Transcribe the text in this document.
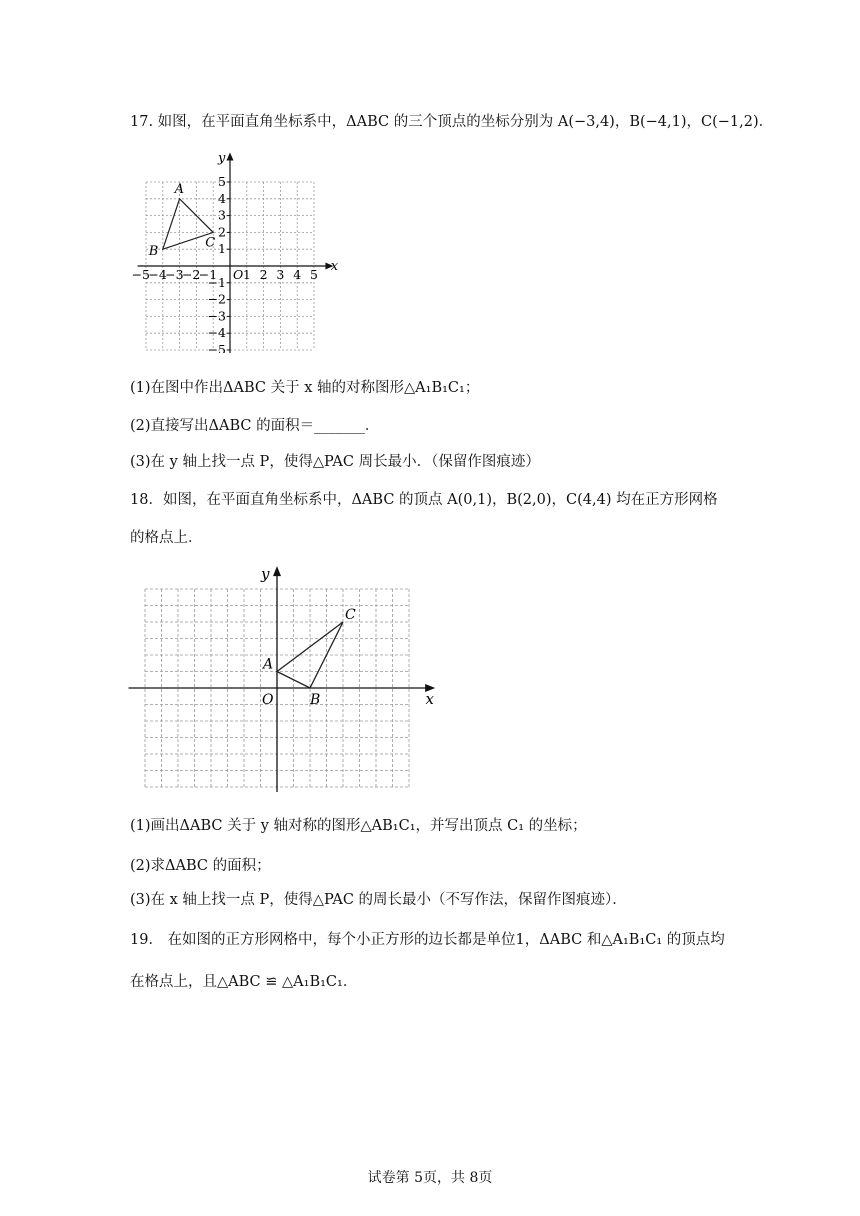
17. 如图，在平面直角坐标系中，ΔABC 的三个顶点的坐标分别为 A(−3,4)，B(−4,1)，C(−1,2)．
x
y
O
−5
−4
−3
−2
−1 1 2 3 4 5
5
4
3
2
1
−1
−2
−3
−4
−5
A
B
C
(1)在图中作出ΔABC 关于 x 轴的对称图形△A₁B₁C₁；
(2)直接写出ΔABC 的面积＝_______．
(3)在 y 轴上找一点 P，使得△PAC 周长最小．（保留作图痕迹）
18．如图，在平面直角坐标系中，ΔABC 的顶点 A(0,1)，B(2,0)，C(4,4) 均在正方形网格
的格点上．
x
y
O
A
B
C
(1)画出ΔABC 关于 y 轴对称的图形△AB₁C₁，并写出顶点 C₁ 的坐标；
(2)求ΔABC 的面积；
(3)在 x 轴上找一点 P，使得△PAC 的周长最小（不写作法，保留作图痕迹）．
19． 在如图的正方形网格中，每个小正方形的边长都是单位1，ΔABC 和△A₁B₁C₁ 的顶点均
在格点上，且△ABC ≌ △A₁B₁C₁．
试卷第 5页，共 8页
